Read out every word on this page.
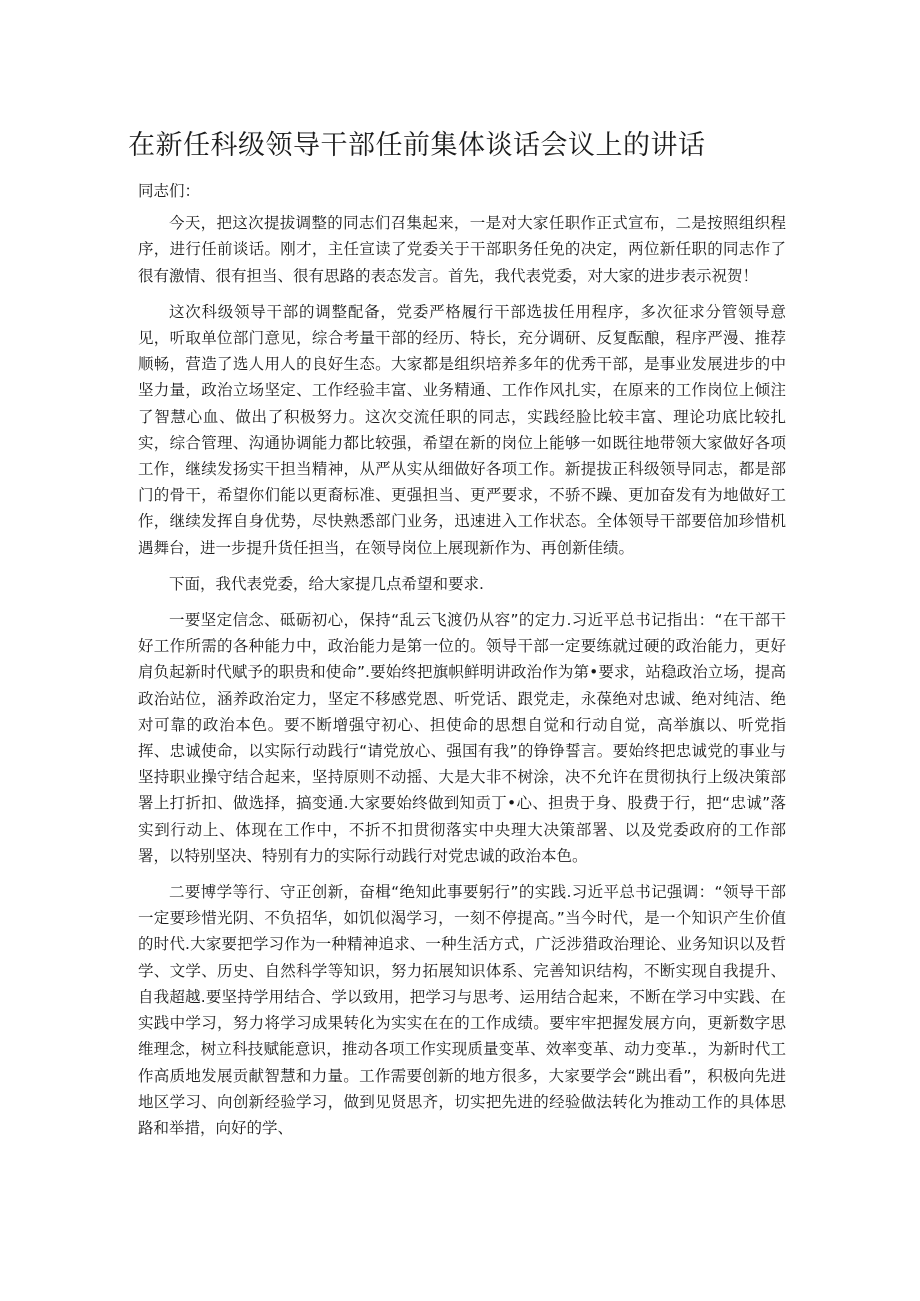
在新任科级领导干部任前集体谈话会议上的讲话

同志们：

今天，把这次提拔调整的同志们召集起来，一是对大家任职作正式宣布，二是按照组织程序，进行任前谈话。刚才，主任宣读了党委关于干部职务任免的决定，两位新任职的同志作了很有激情、很有担当、很有思路的表态发言。首先，我代表党委，对大家的进步表示祝贺！

这次科级领导干部的调整配备，党委严格履行干部选拔任用程序，多次征求分管领导意见，听取单位部门意见，综合考量干部的经历、特长，充分调研、反复酝酿，程序严漫、推荐顺畅，营造了选人用人的良好生态。大家都是组织培养多年的优秀干部，是事业发展进步的中坚力量，政治立场坚定、工作经验丰富、业务精通、工作作风扎实，在原来的工作岗位上倾注了智慧心血、做出了积极努力。这次交流任职的同志，实践经脸比较丰富、理论功底比较扎实，综合管理、沟通协调能力都比较强，希望在新的岗位上能够一如既往地带领大家做好各项工作，继续发扬实干担当精神，从严从实从细做好各项工作。新提拔正科级领导同志，都是部门的骨干，希望你们能以更裔标准、更强担当、更严要求，不骄不躁、更加奋发有为地做好工作，继续发挥自身优势，尽快熟悉部门业务，迅速进入工作状态。全体领导干部要倍加珍惜机遇舞台，进一步提升货任担当，在领导岗位上展现新作为、再创新佳绩。

下面，我代表党委，给大家提几点希望和要求.

一要坚定信念、砥砺初心，保持“乱云飞渡仍从容”的定力.习近平总书记指出：“在干部干好工作所需的各种能力中，政治能力是第一位的。领导干部一定要练就过硬的政治能力，更好肩负起新时代赋予的职贵和使命”.要始终把旗帜鲜明讲政治作为第•要求，站稳政治立场，提高政治站位，涵养政治定力，坚定不移感党恩、听党话、跟党走，永葆绝对忠诚、绝对纯洁、绝对可靠的政治本色。要不断增强守初心、担使命的思想自觉和行动自觉，高举旗以、听党指挥、忠诚使命，以实际行动践行“请党放心、强国有我”的铮铮誓言。要始终把忠诚党的事业与坚持职业操守结合起来，坚持原则不动摇、大是大非不树涂，决不允许在贯彻执行上级决策部署上打折扣、做选择，搞变通.大家要始终做到知贡丁•心、担贵于身、股费于行，把“忠诚”落实到行动上、体现在工作中，不折不扣贯彻落实中央理大决策部署、以及党委政府的工作部署，以特别坚决、特别有力的实际行动践行对党忠诚的政治本色。

二要博学等行、守正创新，奋楫“绝知此事要躬行”的实践.习近平总书记强调：“领导干部一定要珍惜光阴、不负招华，如饥似渴学习，一刻不停提高。”当今时代，是一个知识产生价值的时代.大家要把学习作为一种精神追求、一种生活方式，广泛涉猎政治理论、业务知识以及哲学、文学、历史、自然科学等知识，努力拓展知识体系、完善知识结构，不断实现自我提升、自我超越.要坚持学用结合、学以致用，把学习与思考、运用结合起来，不断在学习中实践、在实践中学习，努力将学习成果转化为实实在在的工作成绩。要牢牢把握发展方向，更新数字思维理念，树立科技赋能意识，推动各项工作实现质量变革、效率变革、动力变革.，为新时代工作高质地发展贡献智慧和力量。工作需要创新的地方很多，大家要学会“跳出看”，积极向先进地区学习、向创新经验学习，做到见贤思齐，切实把先进的经验做法转化为推动工作的具体思路和举措，向好的学、
